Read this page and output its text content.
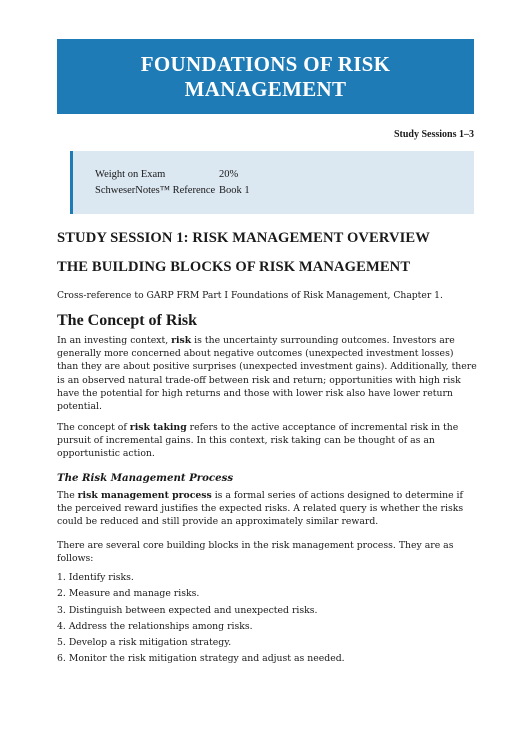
FOUNDATIONS OF RISK MANAGEMENT
Study Sessions 1–3
Weight on Exam	20%
SchweserNotes™ Reference Book 1
STUDY SESSION 1: RISK MANAGEMENT OVERVIEW
THE BUILDING BLOCKS OF RISK MANAGEMENT
Cross-reference to GARP FRM Part I Foundations of Risk Management, Chapter 1.
The Concept of Risk

In an investing context, risk is the uncertainty surrounding outcomes. Investors are generally more concerned about negative outcomes (unexpected investment losses) than they are about positive surprises (unexpected investment gains). Additionally, there is an observed natural trade-off between risk and return; opportunities with high risk have the potential for high returns and those with lower risk also have lower return potential.

The concept of risk taking refers to the active acceptance of incremental risk in the pursuit of incremental gains. In this context, risk taking can be thought of as an opportunistic action.

The Risk Management Process

The risk management process is a formal series of actions designed to determine if the perceived reward justifies the expected risks. A related query is whether the risks could be reduced and still provide an approximately similar reward.

There are several core building blocks in the risk management process. They are as follows:

1. Identify risks.
2. Measure and manage risks.
3. Distinguish between expected and unexpected risks.
4. Address the relationships among risks.
5. Develop a risk mitigation strategy.
6. Monitor the risk mitigation strategy and adjust as needed.
